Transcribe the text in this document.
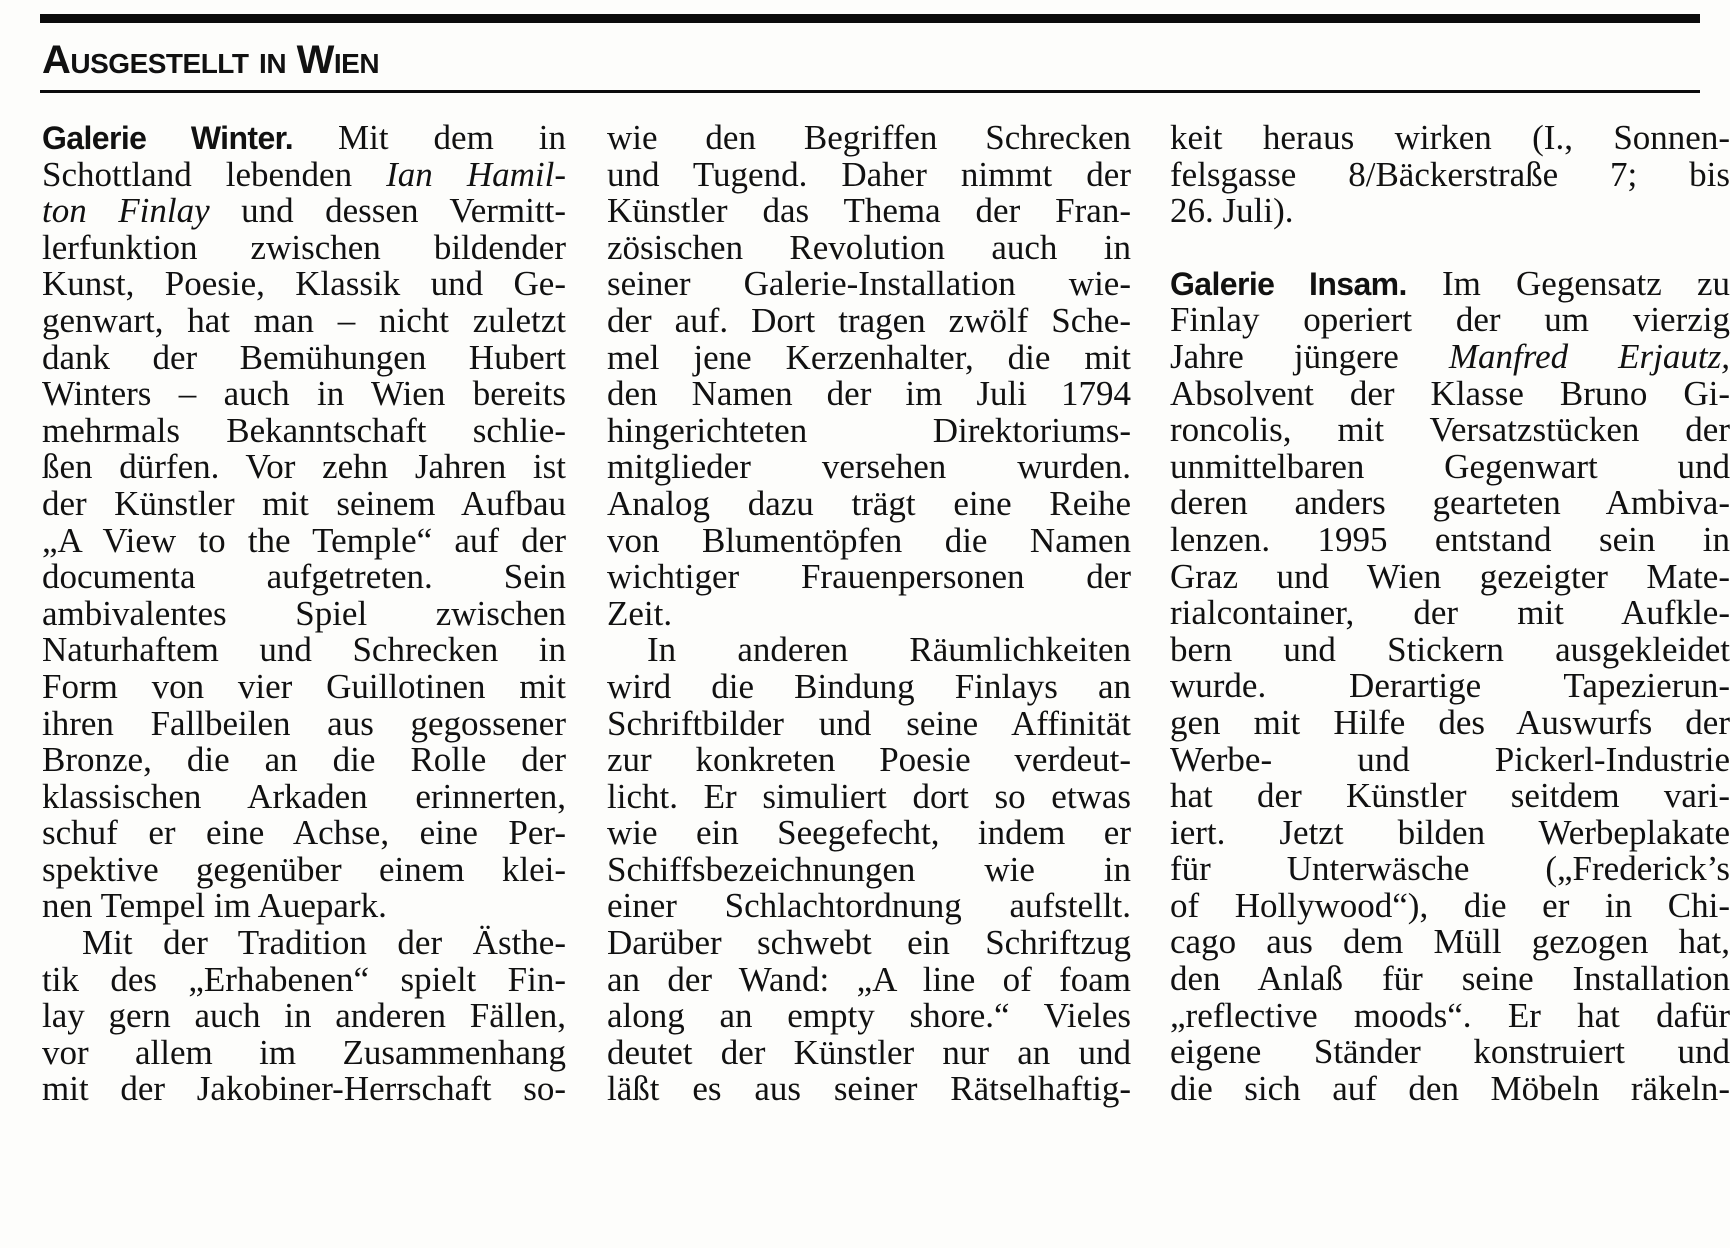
Ausgestellt in Wien
Galerie Winter. Mit dem in
Schottland lebenden Ian Hamil-
ton Finlay und dessen Vermitt-
lerfunktion zwischen bildender
Kunst, Poesie, Klassik und Ge-
genwart, hat man – nicht zuletzt
dank der Bemühungen Hubert
Winters – auch in Wien bereits
mehrmals Bekanntschaft schlie-
ßen dürfen. Vor zehn Jahren ist
der Künstler mit seinem Aufbau
„A View to the Temple“ auf der
documenta aufgetreten. Sein
ambivalentes Spiel zwischen
Naturhaftem und Schrecken in
Form von vier Guillotinen mit
ihren Fallbeilen aus gegossener
Bronze, die an die Rolle der
klassischen Arkaden erinnerten,
schuf er eine Achse, eine Per-
spektive gegenüber einem klei-
nen Tempel im Auepark.
Mit der Tradition der Ästhe-
tik des „Erhabenen“ spielt Fin-
lay gern auch in anderen Fällen,
vor allem im Zusammenhang
mit der Jakobiner-Herrschaft so-
wie den Begriffen Schrecken
und Tugend. Daher nimmt der
Künstler das Thema der Fran-
zösischen Revolution auch in
seiner Galerie-Installation wie-
der auf. Dort tragen zwölf Sche-
mel jene Kerzenhalter, die mit
den Namen der im Juli 1794
hingerichteten Direktoriums-
mitglieder versehen wurden.
Analog dazu trägt eine Reihe
von Blumentöpfen die Namen
wichtiger Frauenpersonen der
Zeit.
In anderen Räumlichkeiten
wird die Bindung Finlays an
Schriftbilder und seine Affinität
zur konkreten Poesie verdeut-
licht. Er simuliert dort so etwas
wie ein Seegefecht, indem er
Schiffsbezeichnungen wie in
einer Schlachtordnung aufstellt.
Darüber schwebt ein Schriftzug
an der Wand: „A line of foam
along an empty shore.“ Vieles
deutet der Künstler nur an und
läßt es aus seiner Rätselhaftig-
keit heraus wirken (I., Sonnen-
felsgasse 8/Bäckerstraße 7; bis
26. Juli).
Galerie Insam. Im Gegensatz zu
Finlay operiert der um vierzig
Jahre jüngere Manfred Erjautz,
Absolvent der Klasse Bruno Gi-
roncolis, mit Versatzstücken der
unmittelbaren Gegenwart und
deren anders gearteten Ambiva-
lenzen. 1995 entstand sein in
Graz und Wien gezeigter Mate-
rialcontainer, der mit Aufkle-
bern und Stickern ausgekleidet
wurde. Derartige Tapezierun-
gen mit Hilfe des Auswurfs der
Werbe- und Pickerl-Industrie
hat der Künstler seitdem vari-
iert. Jetzt bilden Werbeplakate
für Unterwäsche („Frederick’s
of Hollywood“), die er in Chi-
cago aus dem Müll gezogen hat,
den Anlaß für seine Installation
„reflective moods“. Er hat dafür
eigene Ständer konstruiert und
die sich auf den Möbeln räkeln-
